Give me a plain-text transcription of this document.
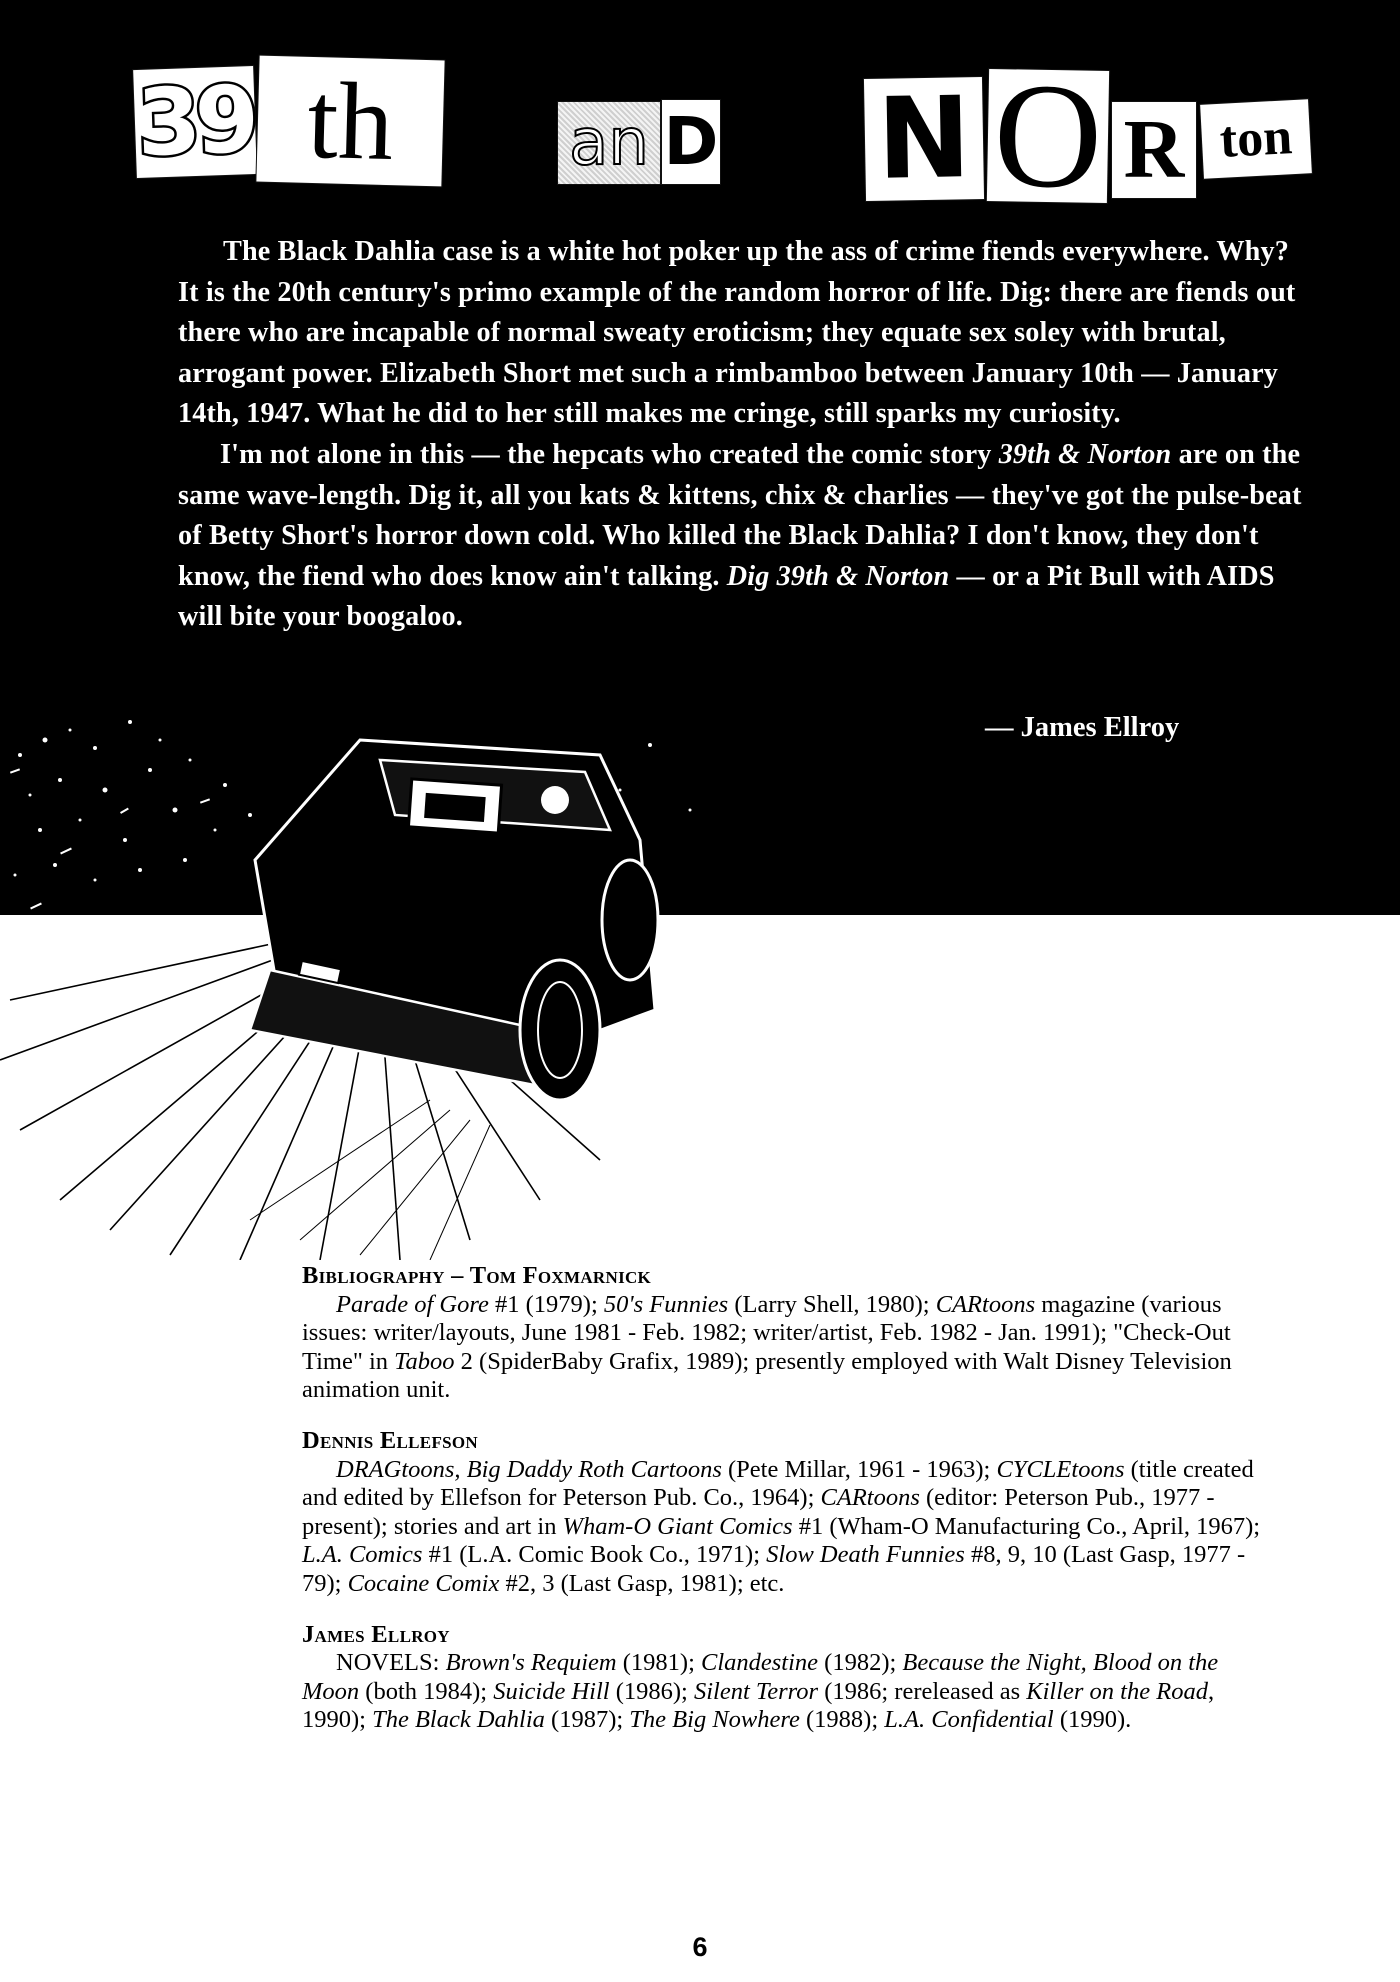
39 th	an D N O R ton

The Black Dahlia case is a white hot poker up the ass of crime fiends everywhere. Why? It is the 20th century's primo example of the random horror of life. Dig: there are fiends out there who are incapable of normal sweaty eroticism; they equate sex soley with brutal, arrogant power. Elizabeth Short met such a rimbamboo between January 10th — January 14th, 1947. What he did to her still makes me cringe, still sparks my curiosity.

I'm not alone in this — the hepcats who created the comic story 39th & Norton are on the same wave-length. Dig it, all you kats & kittens, chix & charlies — they've got the pulse-beat of Betty Short's horror down cold. Who killed the Black Dahlia? I don't know, they don't know, the fiend who does know ain't talking. Dig 39th & Norton — or a Pit Bull with AIDS will bite your boogaloo.

— James Ellroy
Bibliography – Tom Foxmarnick
Parade of Gore #1 (1979); 50's Funnies (Larry Shell, 1980); CARtoons magazine (various issues: writer/layouts, June 1981 - Feb. 1982; writer/artist, Feb. 1982 - Jan. 1991); "Check-Out Time" in Taboo 2 (SpiderBaby Grafix, 1989); presently employed with Walt Disney Television animation unit.
Dennis Ellefson
DRAGtoons, Big Daddy Roth Cartoons (Pete Millar, 1961 - 1963); CYCLEtoons (title created and edited by Ellefson for Peterson Pub. Co., 1964); CARtoons (editor: Peterson Pub., 1977 - present); stories and art in Wham-O Giant Comics #1 (Wham-O Manufacturing Co., April, 1967); L.A. Comics #1 (L.A. Comic Book Co., 1971); Slow Death Funnies #8, 9, 10 (Last Gasp, 1977 - 79); Cocaine Comix #2, 3 (Last Gasp, 1981); etc.
James Ellroy
NOVELS: Brown's Requiem (1981); Clandestine (1982); Because the Night, Blood on the Moon (both 1984); Suicide Hill (1986); Silent Terror (1986; rereleased as Killer on the Road, 1990); The Black Dahlia (1987); The Big Nowhere (1988); L.A. Confidential (1990).
6
